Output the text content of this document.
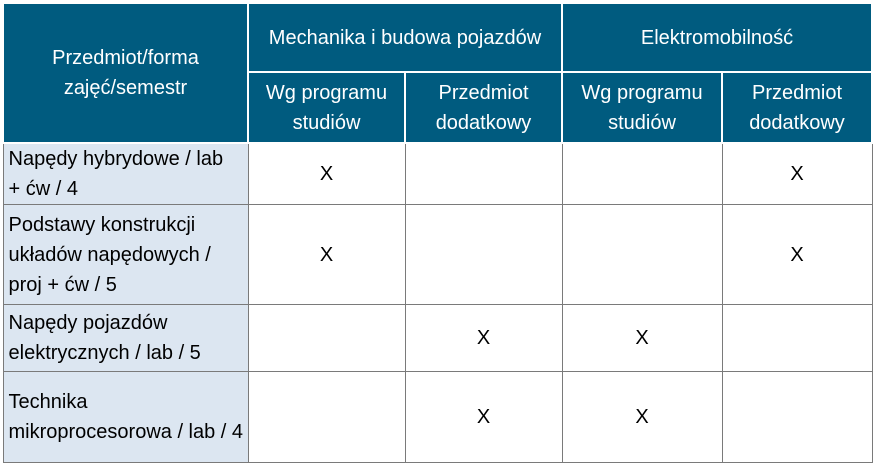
Przedmiot/forma zajęć/semestr	Mechanika i budowa pojazdów		Elektromobilność	
	Wg programu studiów	Przedmiot dodatkowy	Wg programu studiów	Przedmiot dodatkowy
Napędy hybrydowe / lab + ćw / 4	X			X
Podstawy konstrukcji układów napędowych / proj + ćw / 5	X			X
Napędy pojazdów elektrycznych / lab / 5		X	X	
Technika mikroprocesorowa / lab / 4		X	X	
